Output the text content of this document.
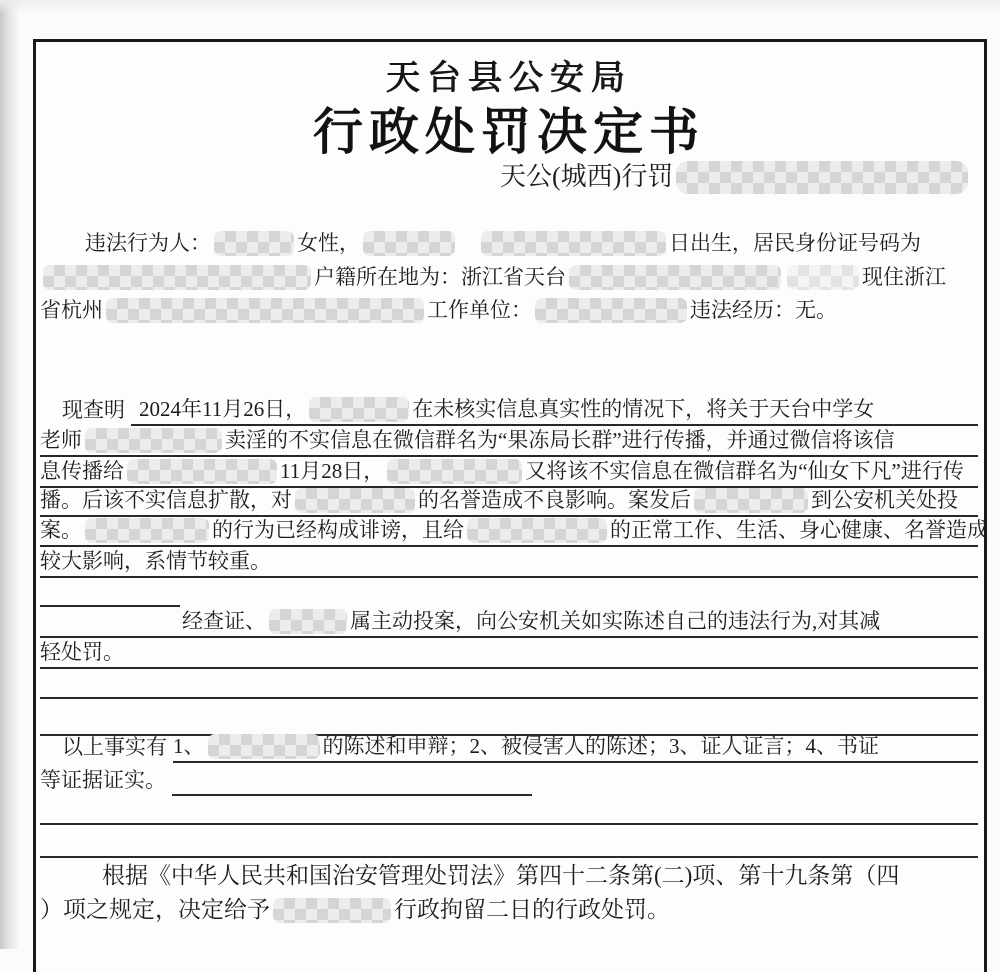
天台县公安局
行政处罚决定书
天公(城西)行罚
违法行为人：	女性，	日出生，居民身份证号码为
户籍所在地为：浙江省天台	现住浙江
省杭州	工作单位：	违法经历：无。
现查明 2024年11月26日，	在未核实信息真实性的情况下，将关于天台中学女
老师	卖淫的不实信息在微信群名为“果冻局长群”进行传播，并通过微信将该信
息传播给	11月28日，	又将该不实信息在微信群名为“仙女下凡”进行传
播。后该不实信息扩散，对	的名誉造成不良影响。案发后	到公安机关处投
案。	的行为已经构成诽谤，且给	的正常工作、生活、身心健康、名誉造成
较大影响，系情节较重。
经查证、	属主动投案，向公安机关如实陈述自己的违法行为,对其减
轻处罚。
以上事实有 1、	的陈述和申辩；2、被侵害人的陈述；3、证人证言；4、书证
等证据证实。
根据《中华人民共和国治安管理处罚法》第四十二条第(二)项、第十九条第（四
）项之规定，决定给予	行政拘留二日的行政处罚。
